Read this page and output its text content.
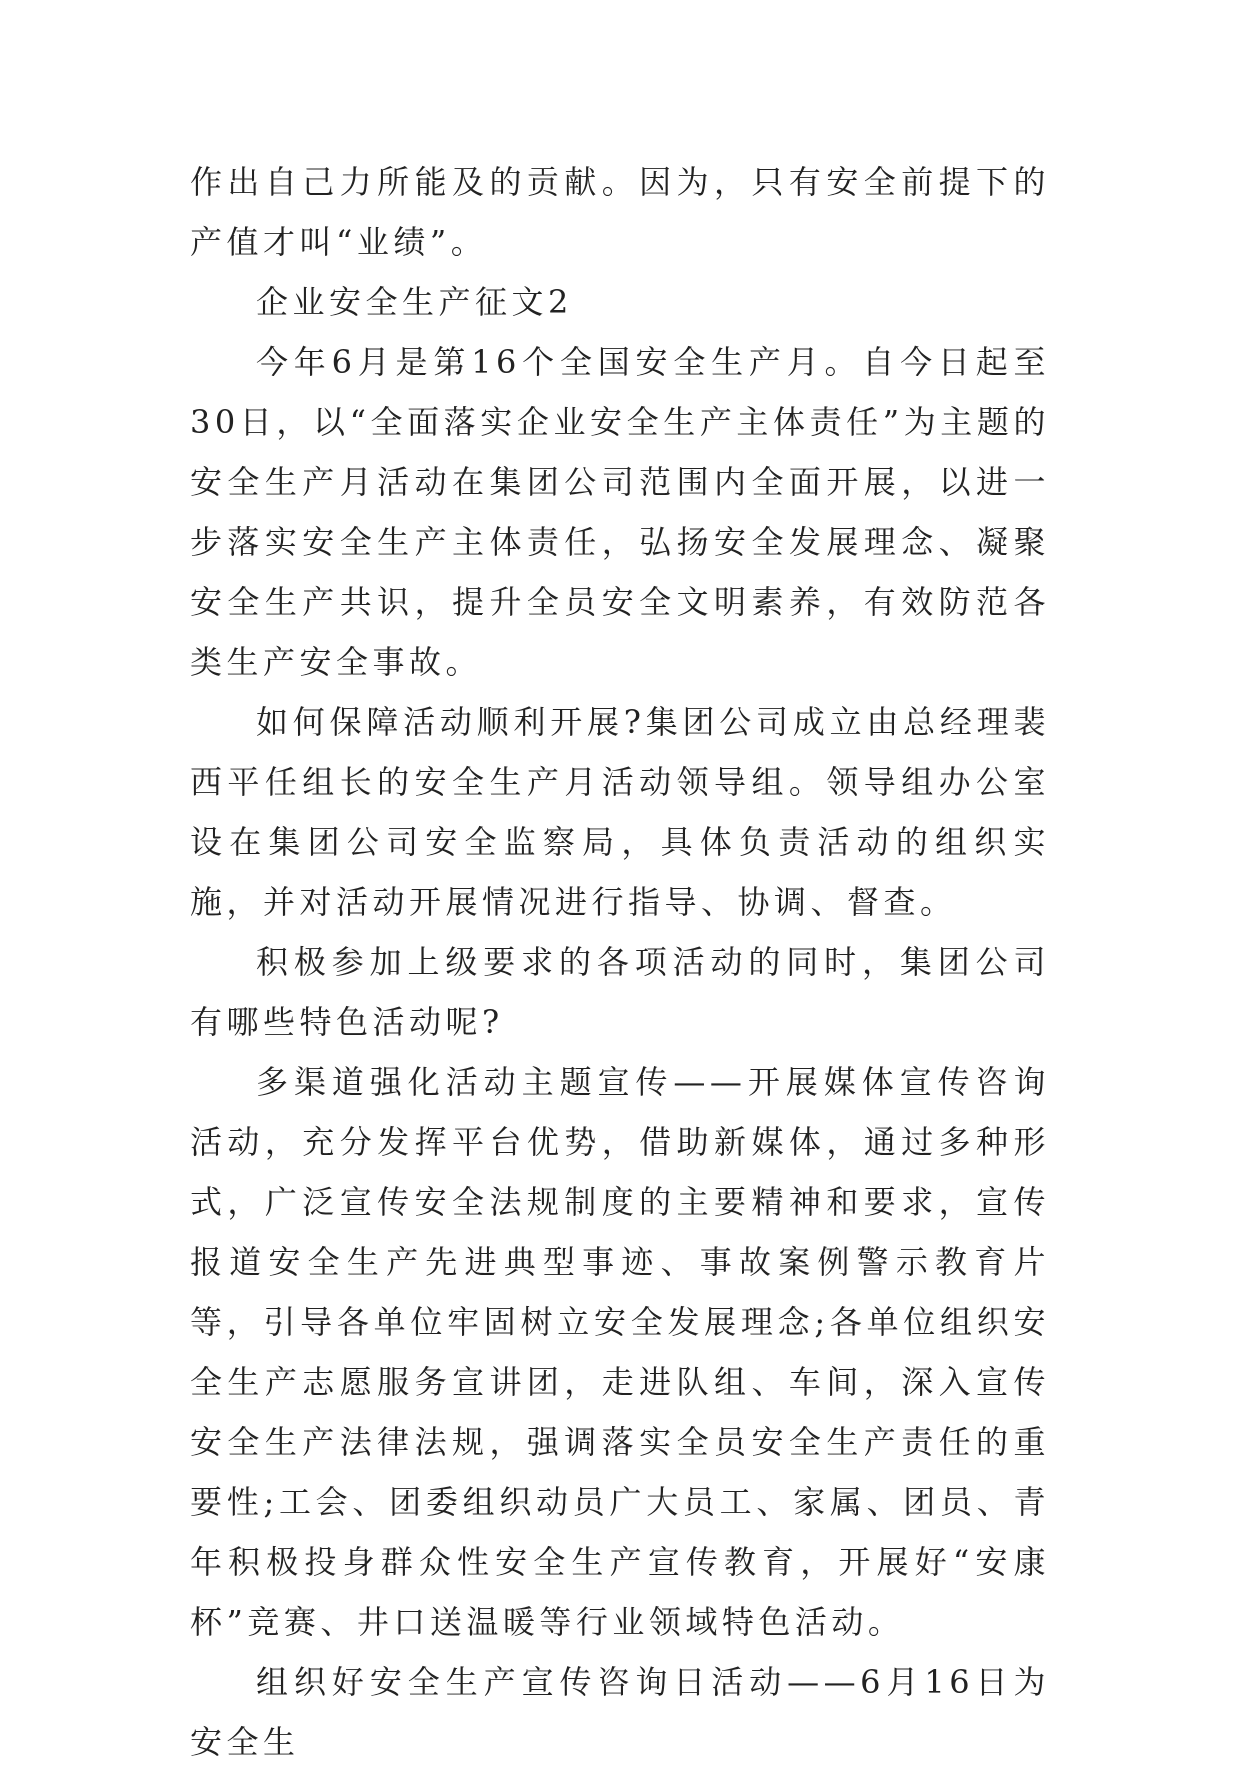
作出自己力所能及的贡献。因为，只有安全前提下的产值才叫“业绩”。

企业安全生产征文2

今年6月是第16个全国安全生产月。自今日起至30日，以“全面落实企业安全生产主体责任”为主题的安全生产月活动在集团公司范围内全面开展，以进一步落实安全生产主体责任，弘扬安全发展理念、凝聚安全生产共识，提升全员安全文明素养，有效防范各类生产安全事故。

如何保障活动顺利开展?集团公司成立由总经理裴西平任组长的安全生产月活动领导组。领导组办公室设在集团公司安全监察局，具体负责活动的组织实施，并对活动开展情况进行指导、协调、督查。

积极参加上级要求的各项活动的同时，集团公司有哪些特色活动呢?

多渠道强化活动主题宣传——开展媒体宣传咨询活动，充分发挥平台优势，借助新媒体，通过多种形式，广泛宣传安全法规制度的主要精神和要求，宣传报道安全生产先进典型事迹、事故案例警示教育片等，引导各单位牢固树立安全发展理念;各单位组织安全生产志愿服务宣讲团，走进队组、车间，深入宣传安全生产法律法规，强调落实全员安全生产责任的重要性;工会、团委组织动员广大员工、家属、团员、青年积极投身群众性安全生产宣传教育，开展好“安康杯”竞赛、井口送温暖等行业领域特色活动。

组织好安全生产宣传咨询日活动——6月16日为安全生
